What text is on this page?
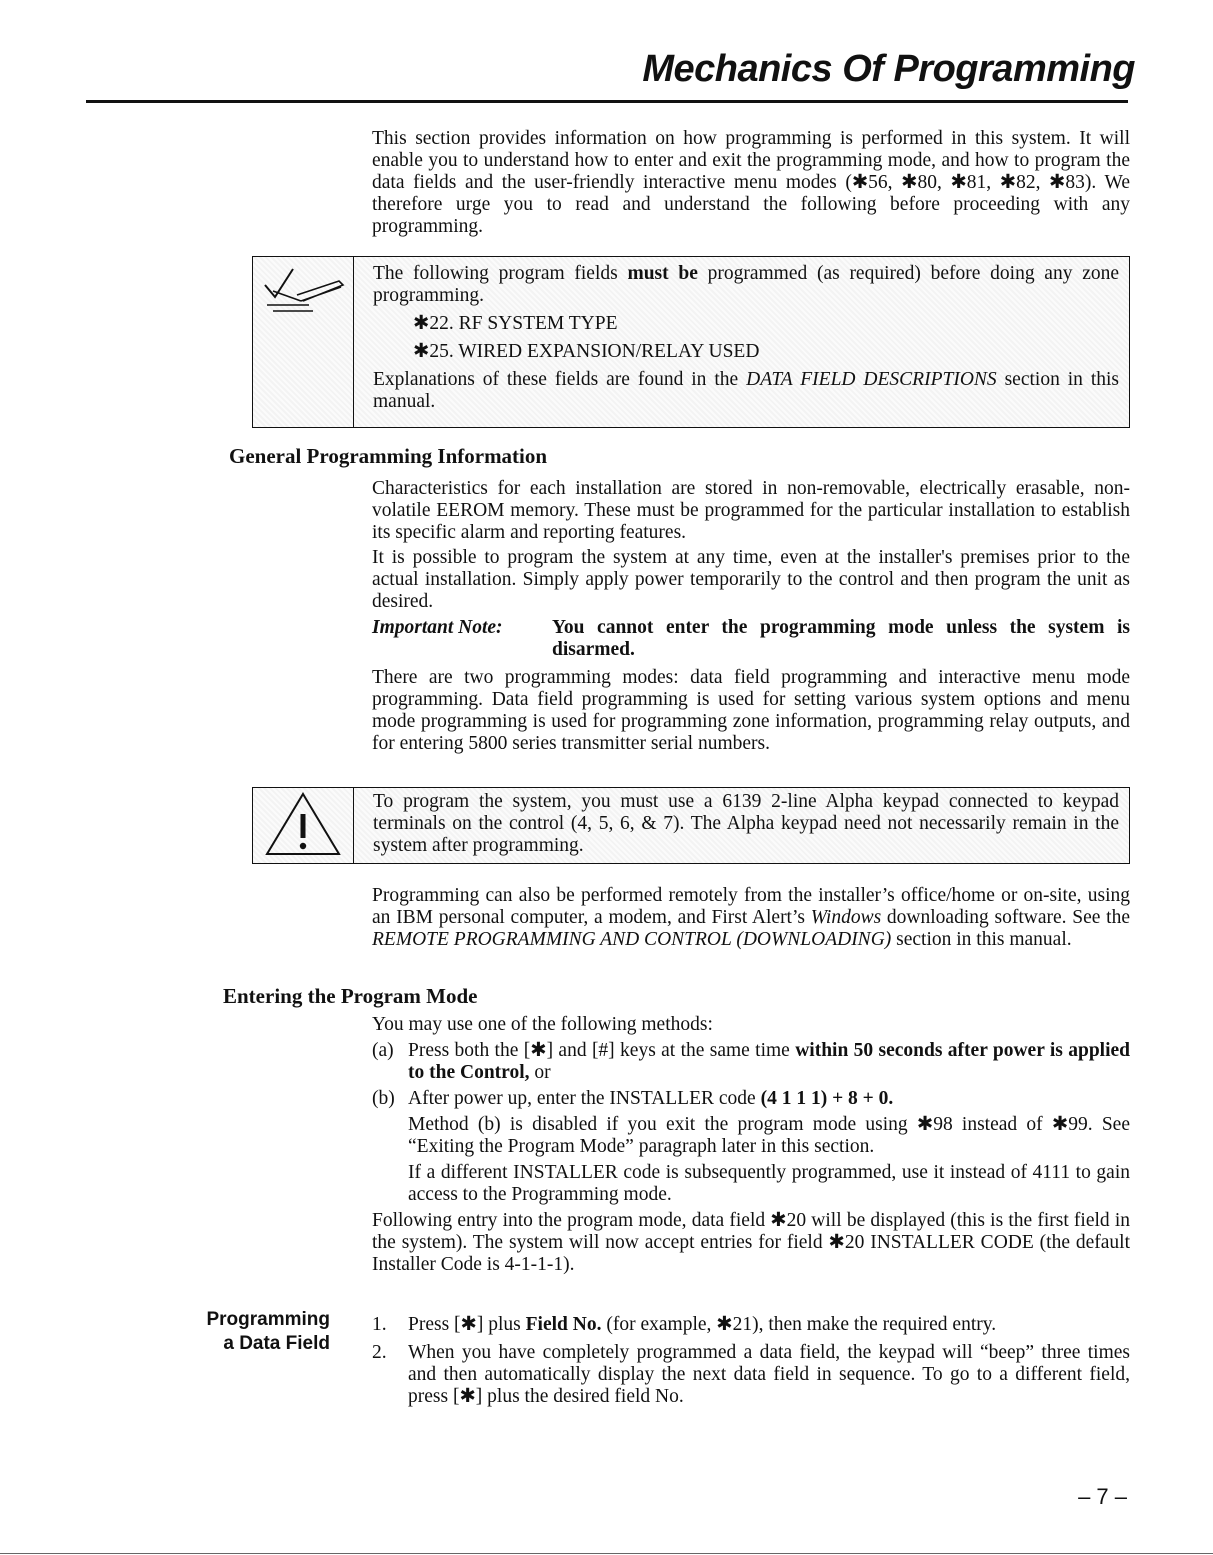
Mechanics Of Programming

This section provides information on how programming is performed in this system. It will enable you to understand how to enter and exit the programming mode, and how to program the data fields and the user-friendly interactive menu modes (✱56, ✱80, ✱81, ✱82, ✱83). We therefore urge you to read and understand the following before proceeding with any programming.

The following program fields must be programmed (as required) before doing any zone programming.

✱22. RF SYSTEM TYPE

✱25. WIRED EXPANSION/RELAY USED

Explanations of these fields are found in the DATA FIELD DESCRIPTIONS section in this manual.

General Programming Information

Characteristics for each installation are stored in non-removable, electrically erasable, non-volatile EEROM memory. These must be programmed for the particular installation to establish its specific alarm and reporting features.

It is possible to program the system at any time, even at the installer's premises prior to the actual installation. Simply apply power temporarily to the control and then program the unit as desired.

Important Note:	You cannot enter the programming mode unless the system is disarmed.

There are two programming modes: data field programming and interactive menu mode programming. Data field programming is used for setting various system options and menu mode programming is used for programming zone information, programming relay outputs, and for entering 5800 series transmitter serial numbers.

To program the system, you must use a 6139 2-line Alpha keypad connected to keypad terminals on the control (4, 5, 6, & 7). The Alpha keypad need not necessarily remain in the system after programming.

Programming can also be performed remotely from the installer’s office/home or on-site, using an IBM personal computer, a modem, and First Alert’s Windows downloading software. See the REMOTE PROGRAMMING AND CONTROL (DOWNLOADING) section in this manual.

Entering the Program Mode

You may use one of the following methods:

(a) Press both the [✱] and [#] keys at the same time within 50 seconds after power is applied to the Control, or
(b) After power up, enter the INSTALLER code (4 1 1 1) + 8 + 0.

Method (b) is disabled if you exit the program mode using ✱98 instead of ✱99. See “Exiting the Program Mode” paragraph later in this section.

If a different INSTALLER code is subsequently programmed, use it instead of 4111 to gain access to the Programming mode.

Following entry into the program mode, data field ✱20 will be displayed (this is the first field in the system). The system will now accept entries for field ✱20 INSTALLER CODE (the default Installer Code is 4-1-1-1).

Programming
a Data Field
1.	Press [✱] plus Field No. (for example, ✱21), then make the required entry.
2.	When you have completely programmed a data field, the keypad will “beep” three times and then automatically display the next data field in sequence. To go to a different field, press [✱] plus the desired field No.
– 7 –
